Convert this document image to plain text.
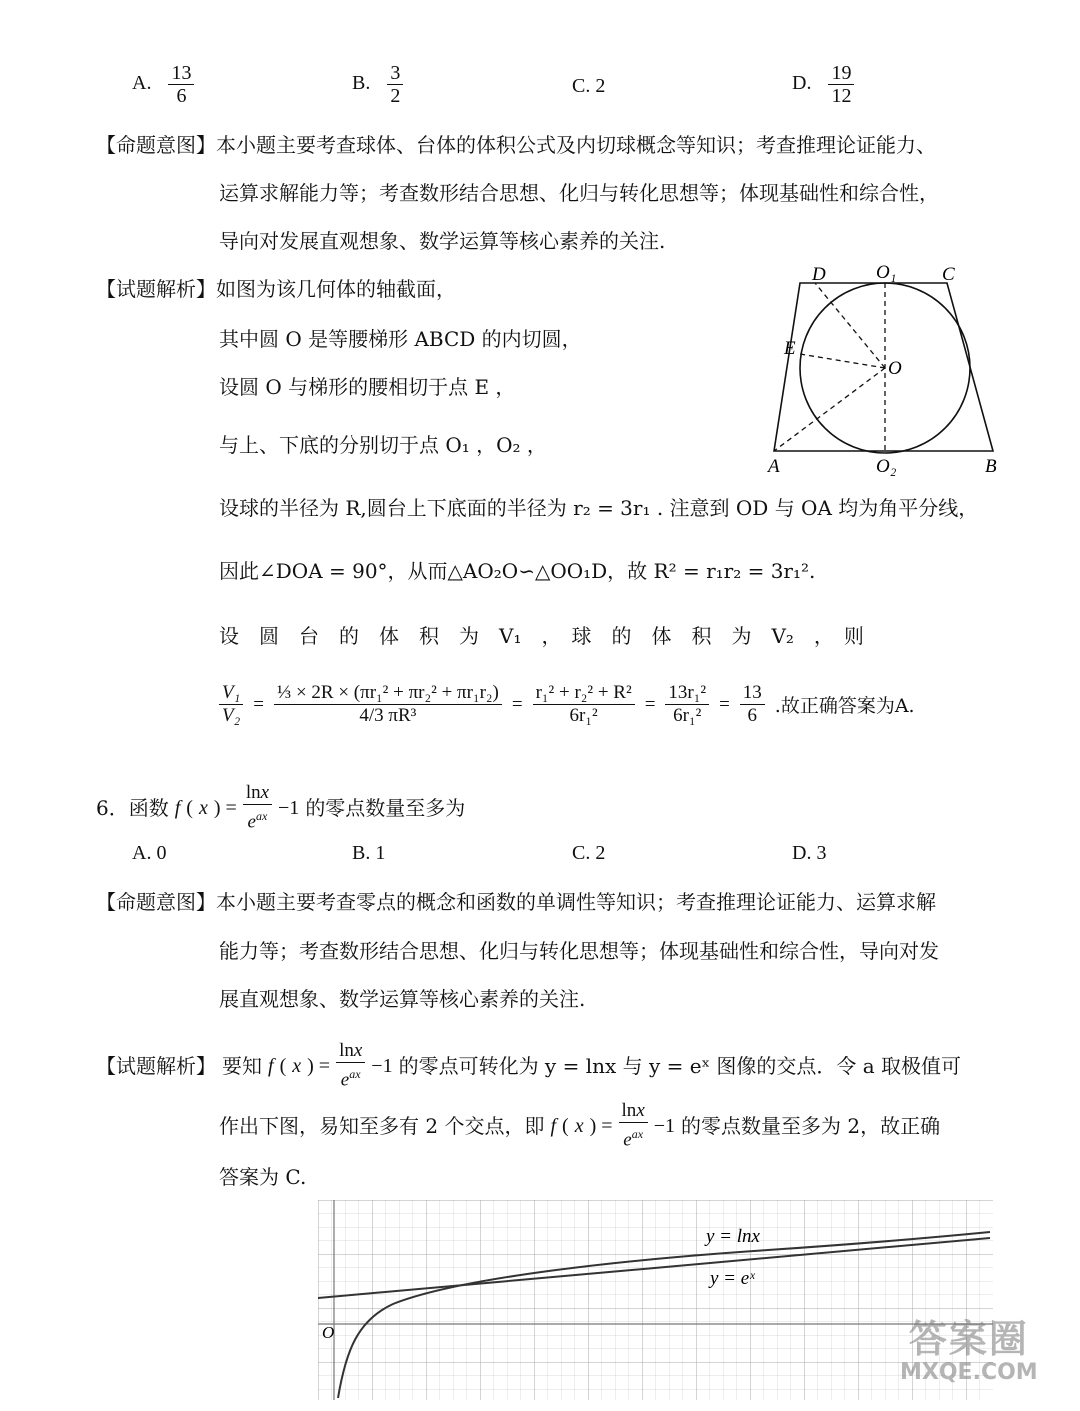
A. $\frac{13}{6}$	B. $\frac{3}{2}$	C. 2	D. $\frac{19}{12}$
【命题意图】本小题主要考查球体、台体的体积公式及内切球概念等知识；考查推理论证能力、
运算求解能力等；考查数形结合思想、化归与转化思想等；体现基础性和综合性，
导向对发展直观想象、数学运算等核心素养的关注.
【试题解析】如图为该几何体的轴截面，
其中圆 O 是等腰梯形 ABCD 的内切圆，
设圆 O 与梯形的腰相切于点 E ，
与上、下底的分别切于点 O₁ ，O₂ ，
设球的半径为 R,圆台上下底面的半径为 r₂ = 3r₁ . 注意到 OD 与 OA 均为角平分线，
因此∠DOA = 90°，从而△AO₂O∽△OO₁D，故 R² = r₁r₂ = 3r₁².
设　圆　台　的　体　积　为　V₁　，　球　的　体　积　为　V₂　，　则
$\frac{\text{V₁}}{\text{V₂}} = \frac{\text{⅓ × 2R × (πr₁² + πr₂² + πr₁r₂)}}{\text{4/3 πR³}} = \frac{\text{r₁² + r₂² + R²}}{\text{6r₁²}} = \frac{\text{13r₁²}}{\text{6r₁²}} = \frac{13}{6}$ .故正确答案为A.
D	O₁ C
E
O
A	O₂	B
6．函数 f ( x ) = $\frac{\ln x}{e^{ax}} -1$ 的零点数量至多为
A. 0	B. 1	C. 2	D. 3
【命题意图】本小题主要考查零点的概念和函数的单调性等知识；考查推理论证能力、运算求解
能力等；考查数形结合思想、化归与转化思想等；体现基础性和综合性，导向对发
展直观想象、数学运算等核心素养的关注.
【试题解析】 要知 f ( x ) = $\frac{\ln x}{e^{ax}} -1$ 的零点可转化为 y = lnx 与 y = eˣ 图像的交点．令 a 取极值可
作出下图，易知至多有 2 个交点，即 f ( x ) = $\frac{\ln x}{e^{ax}} -1$ 的零点数量至多为 2，故正确
答案为 C.
O
y = lnx
y = eˣ
答案圈
MXQE.COM
